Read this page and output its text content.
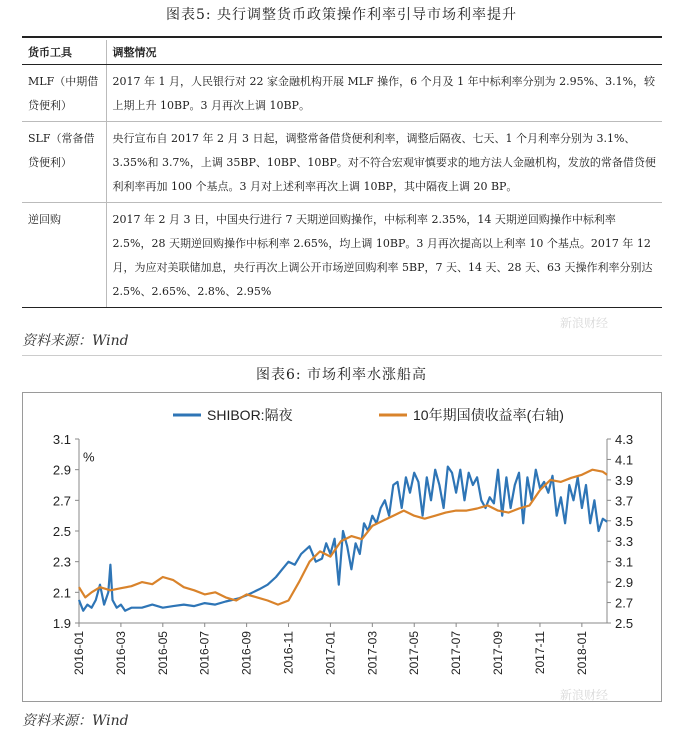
图表5: 央行调整货币政策操作利率引导市场利率提升
货币工具	调整情况
MLF（中期借贷便利）	2017 年 1 月，人民银行对 22 家金融机构开展 MLF 操作，6 个月及 1 年中标利率分别为 2.95%、3.1%，较上期上升 10BP。3 月再次上调 10BP。
SLF（常备借贷便利）	央行宣布自 2017 年 2 月 3 日起，调整常备借贷便利利率，调整后隔夜、七天、1 个月利率分别为 3.1%、3.35%和 3.7%，上调 35BP、10BP、10BP。对不符合宏观审慎要求的地方法人金融机构，发放的常备借贷便利利率再加 100 个基点。3 月对上述利率再次上调 10BP，其中隔夜上调 20 BP。
逆回购	2017 年 2 月 3 日，中国央行进行 7 天期逆回购操作，中标利率 2.35%，14 天期逆回购操作中标利率 2.5%，28 天期逆回购操作中标利率 2.65%，均上调 10BP。3 月再次提高以上利率 10 个基点。2017 年 12 月，为应对美联储加息，央行再次上调公开市场逆回购利率 5BP，7 天、14 天、28 天、63 天操作利率分别达 2.5%、2.65%、2.8%、2.95%
新浪财经
资料来源：Wind
图表6: 市场利率水涨船高
1.9
2.1
2.3
2.5
2.7
2.9
3.1
2.5
2.7
2.9
3.1
3.3
3.5
3.7
3.9
4.1
4.3
%
2016-01 2016-03 2016-05 2016-07 2016-09 2016-11 2017-01 2017-03 2017-05 2017-07 2017-09 2017-11 2018-01
SHIBOR:隔夜	10年期国债收益率(右轴)
新浪财经
资料来源：Wind
